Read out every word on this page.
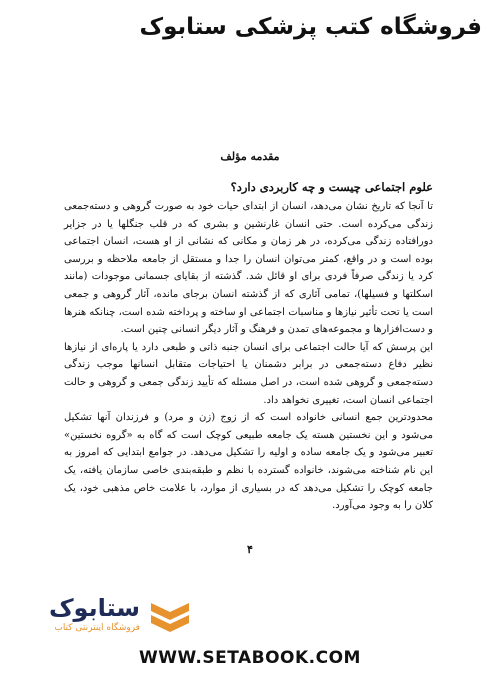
فروشگاه کتب پزشکی ستابوک
مقدمه مؤلف
علوم اجتماعی چیست و چه کاربردی دارد؟

تا آنجا که تاریخ نشان می‌دهد، انسان از ابتدای حیات خود به صورت گروهی و دسته‌جمعی زندگی می‌کرده است. حتی انسان غارنشین و بشری که در قلب جنگلها یا در جزایر دورافتاده زندگی می‌کرده، در هر زمان و مکانی که نشانی از او هست، انسان اجتماعی بوده است و در واقع، کمتر می‌توان انسان را جدا و مستقل از جامعه ملاحظه و بررسی کرد یا زندگی صرفاً فردی برای او قائل شد. گذشته از بقایای جسمانی موجودات (مانند اسکلتها و فسیلها)، تمامی آثاری که از گذشته انسان برجای مانده، آثار گروهی و جمعی است یا تحت تأثیر نیازها و مناسبات اجتماعی او ساخته و پرداخته شده است، چنانکه هنرها و دست‌افزارها و مجموعه‌های تمدن و فرهنگ و آثار دیگر انسانی چنین است.

این پرسش که آیا حالت اجتماعی برای انسان جنبه ذاتی و طبعی دارد یا پاره‌ای از نیازها نظیر دفاع دسته‌جمعی در برابر دشمنان یا احتیاجات متقابل انسانها موجب زندگی دسته‌جمعی و گروهی شده است، در اصل مسئله که تأیید زندگی جمعی و گروهی و حالت اجتماعی انسان است، تغییری نخواهد داد.

محدودترین جمع انسانی خانواده است که از زوج (زن و مرد) و فرزندان آنها تشکیل می‌شود و این نخستین هسته یک جامعه طبیعی کوچک است که گاه به «گروه نخستین» تعبیر می‌شود و یک جامعه ساده و اولیه را تشکیل می‌دهد. در جوامع ابتدایی که امروز به این نام شناخته می‌شوند، خانواده گسترده با نظم و طبقه‌بندی خاصی سازمان یافته، یک جامعه کوچک را تشکیل می‌دهد که در بسیاری از موارد، با علامت خاص مذهبی خود، یک کلان را به وجود می‌آورد.

۴
ستابوک
فروشگاه اینترنتی کتاب
WWW.SETABOOK.COM
